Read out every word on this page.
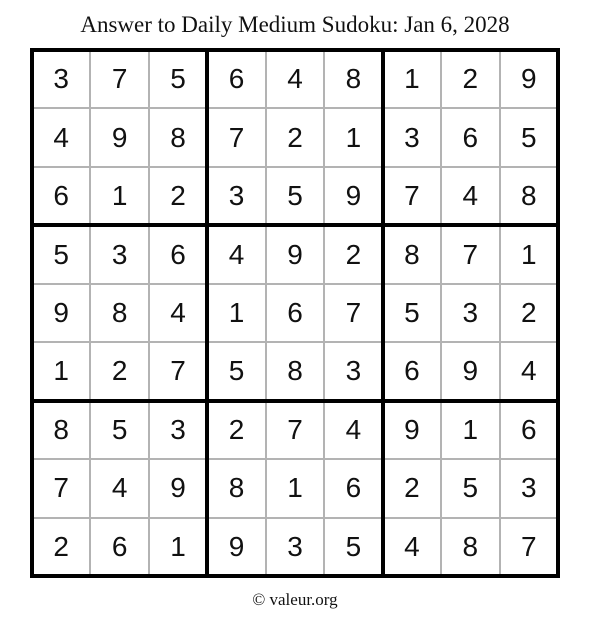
Answer to Daily Medium Sudoku: Jan 6, 2028
3	7	5	6	4	8	1	2	9
4	9	8	7	2	1	3	6	5
6	1	2	3	5	9	7	4	8
5	3	6	4	9	2	8	7	1
9	8	4	1	6	7	5	3	2
1	2	7	5	8	3	6	9	4
8	5	3	2	7	4	9	1	6
7	4	9	8	1	6	2	5	3
2	6	1	9	3	5	4	8	7
© valeur.org
